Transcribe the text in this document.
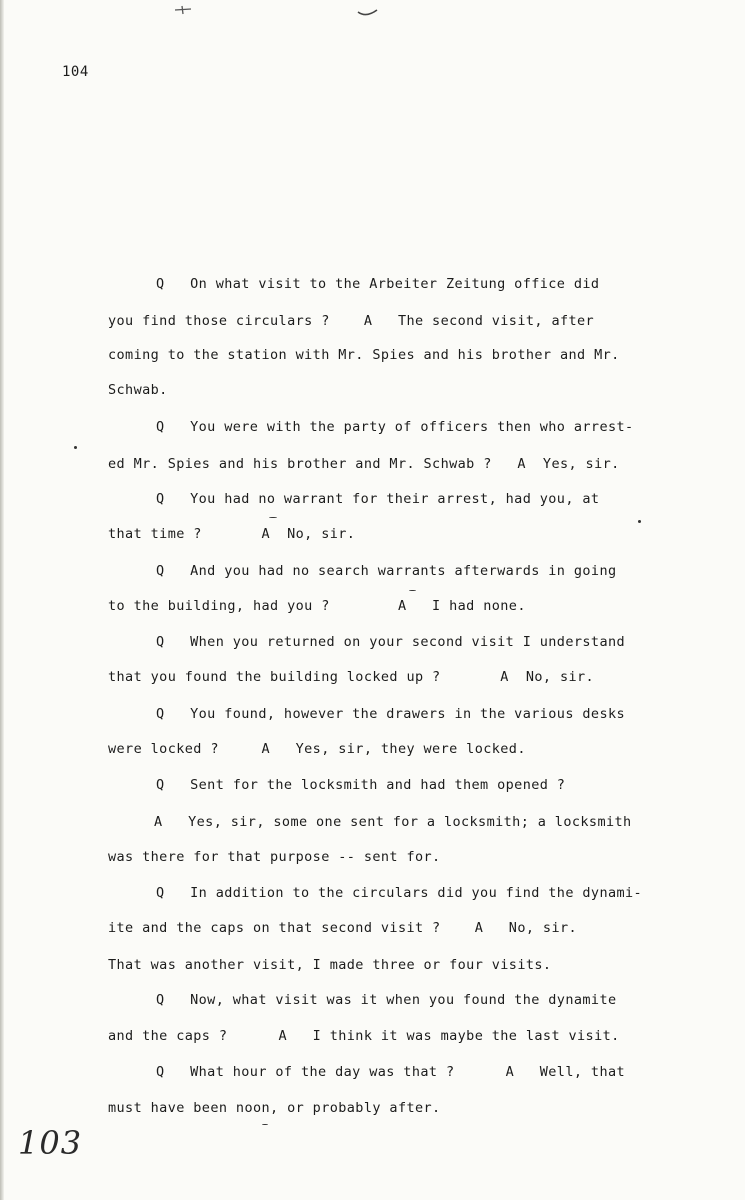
104
Q   On what visit to the Arbeiter Zeitung office did
you find those circulars ?    A   The second visit, after
coming to the station with Mr. Spies and his brother and Mr.
Schwab.
Q   You were with the party of officers then who arrest-
ed Mr. Spies and his brother and Mr. Schwab ?   A  Yes, sir.
Q   You had no warrant for their arrest, had you, at
that time ?       A  No, sir.
Q   And you had no search warrants afterwards in going
to the building, had you ?        A   I had none.
Q   When you returned on your second visit I understand
that you found the building locked up ?       A  No, sir.
Q   You found, however the drawers in the various desks
were locked ?     A   Yes, sir, they were locked.
Q   Sent for the locksmith and had them opened ?
A   Yes, sir, some one sent for a locksmith; a locksmith
was there for that purpose -- sent for.
Q   In addition to the circulars did you find the dynami-
ite and the caps on that second visit ?    A   No, sir.
That was another visit, I made three or four visits.
Q   Now, what visit was it when you found the dynamite
and the caps ?      A   I think it was maybe the last visit.
Q   What hour of the day was that ?      A   Well, that
must have been noon, or probably after.
103
